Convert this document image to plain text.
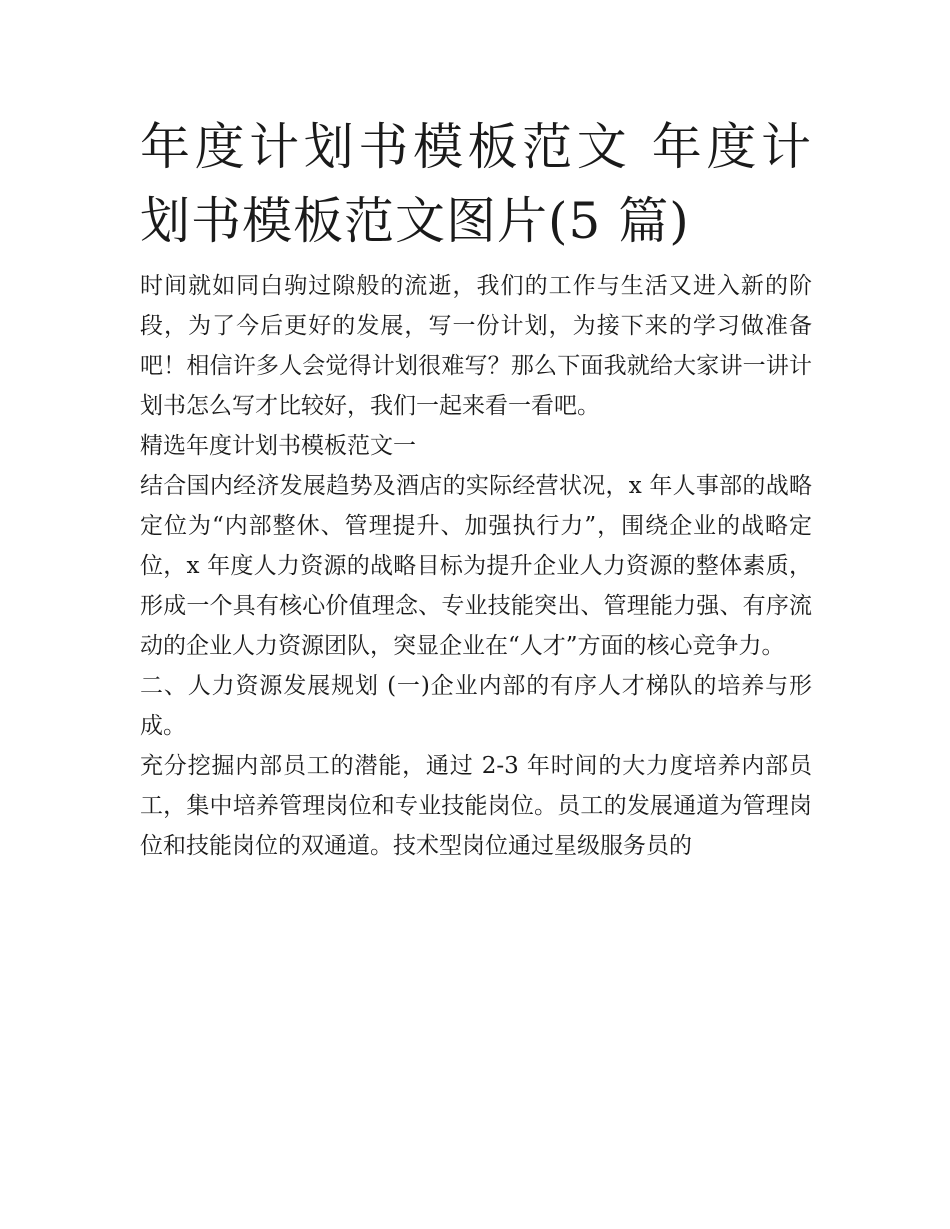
年度计划书模板范文 年度计划书模板范文图片(5 篇)

时间就如同白驹过隙般的流逝，我们的工作与生活又进入新的阶段，为了今后更好的发展，写一份计划，为接下来的学习做准备吧！相信许多人会觉得计划很难写？那么下面我就给大家讲一讲计划书怎么写才比较好，我们一起来看一看吧。

精选年度计划书模板范文一

结合国内经济发展趋势及酒店的实际经营状况，x 年人事部的战略定位为“内部整休、管理提升、加强执行力”，围绕企业的战略定位，x 年度人力资源的战略目标为提升企业人力资源的整体素质，形成一个具有核心价值理念、专业技能突出、管理能力强、有序流动的企业人力资源团队，突显企业在“人才”方面的核心竞争力。

二、人力资源发展规划 (一)企业内部的有序人才梯队的培养与形成。

充分挖掘内部员工的潜能，通过 2-3 年时间的大力度培养内部员工，集中培养管理岗位和专业技能岗位。员工的发展通道为管理岗位和技能岗位的双通道。技术型岗位通过星级服务员的
